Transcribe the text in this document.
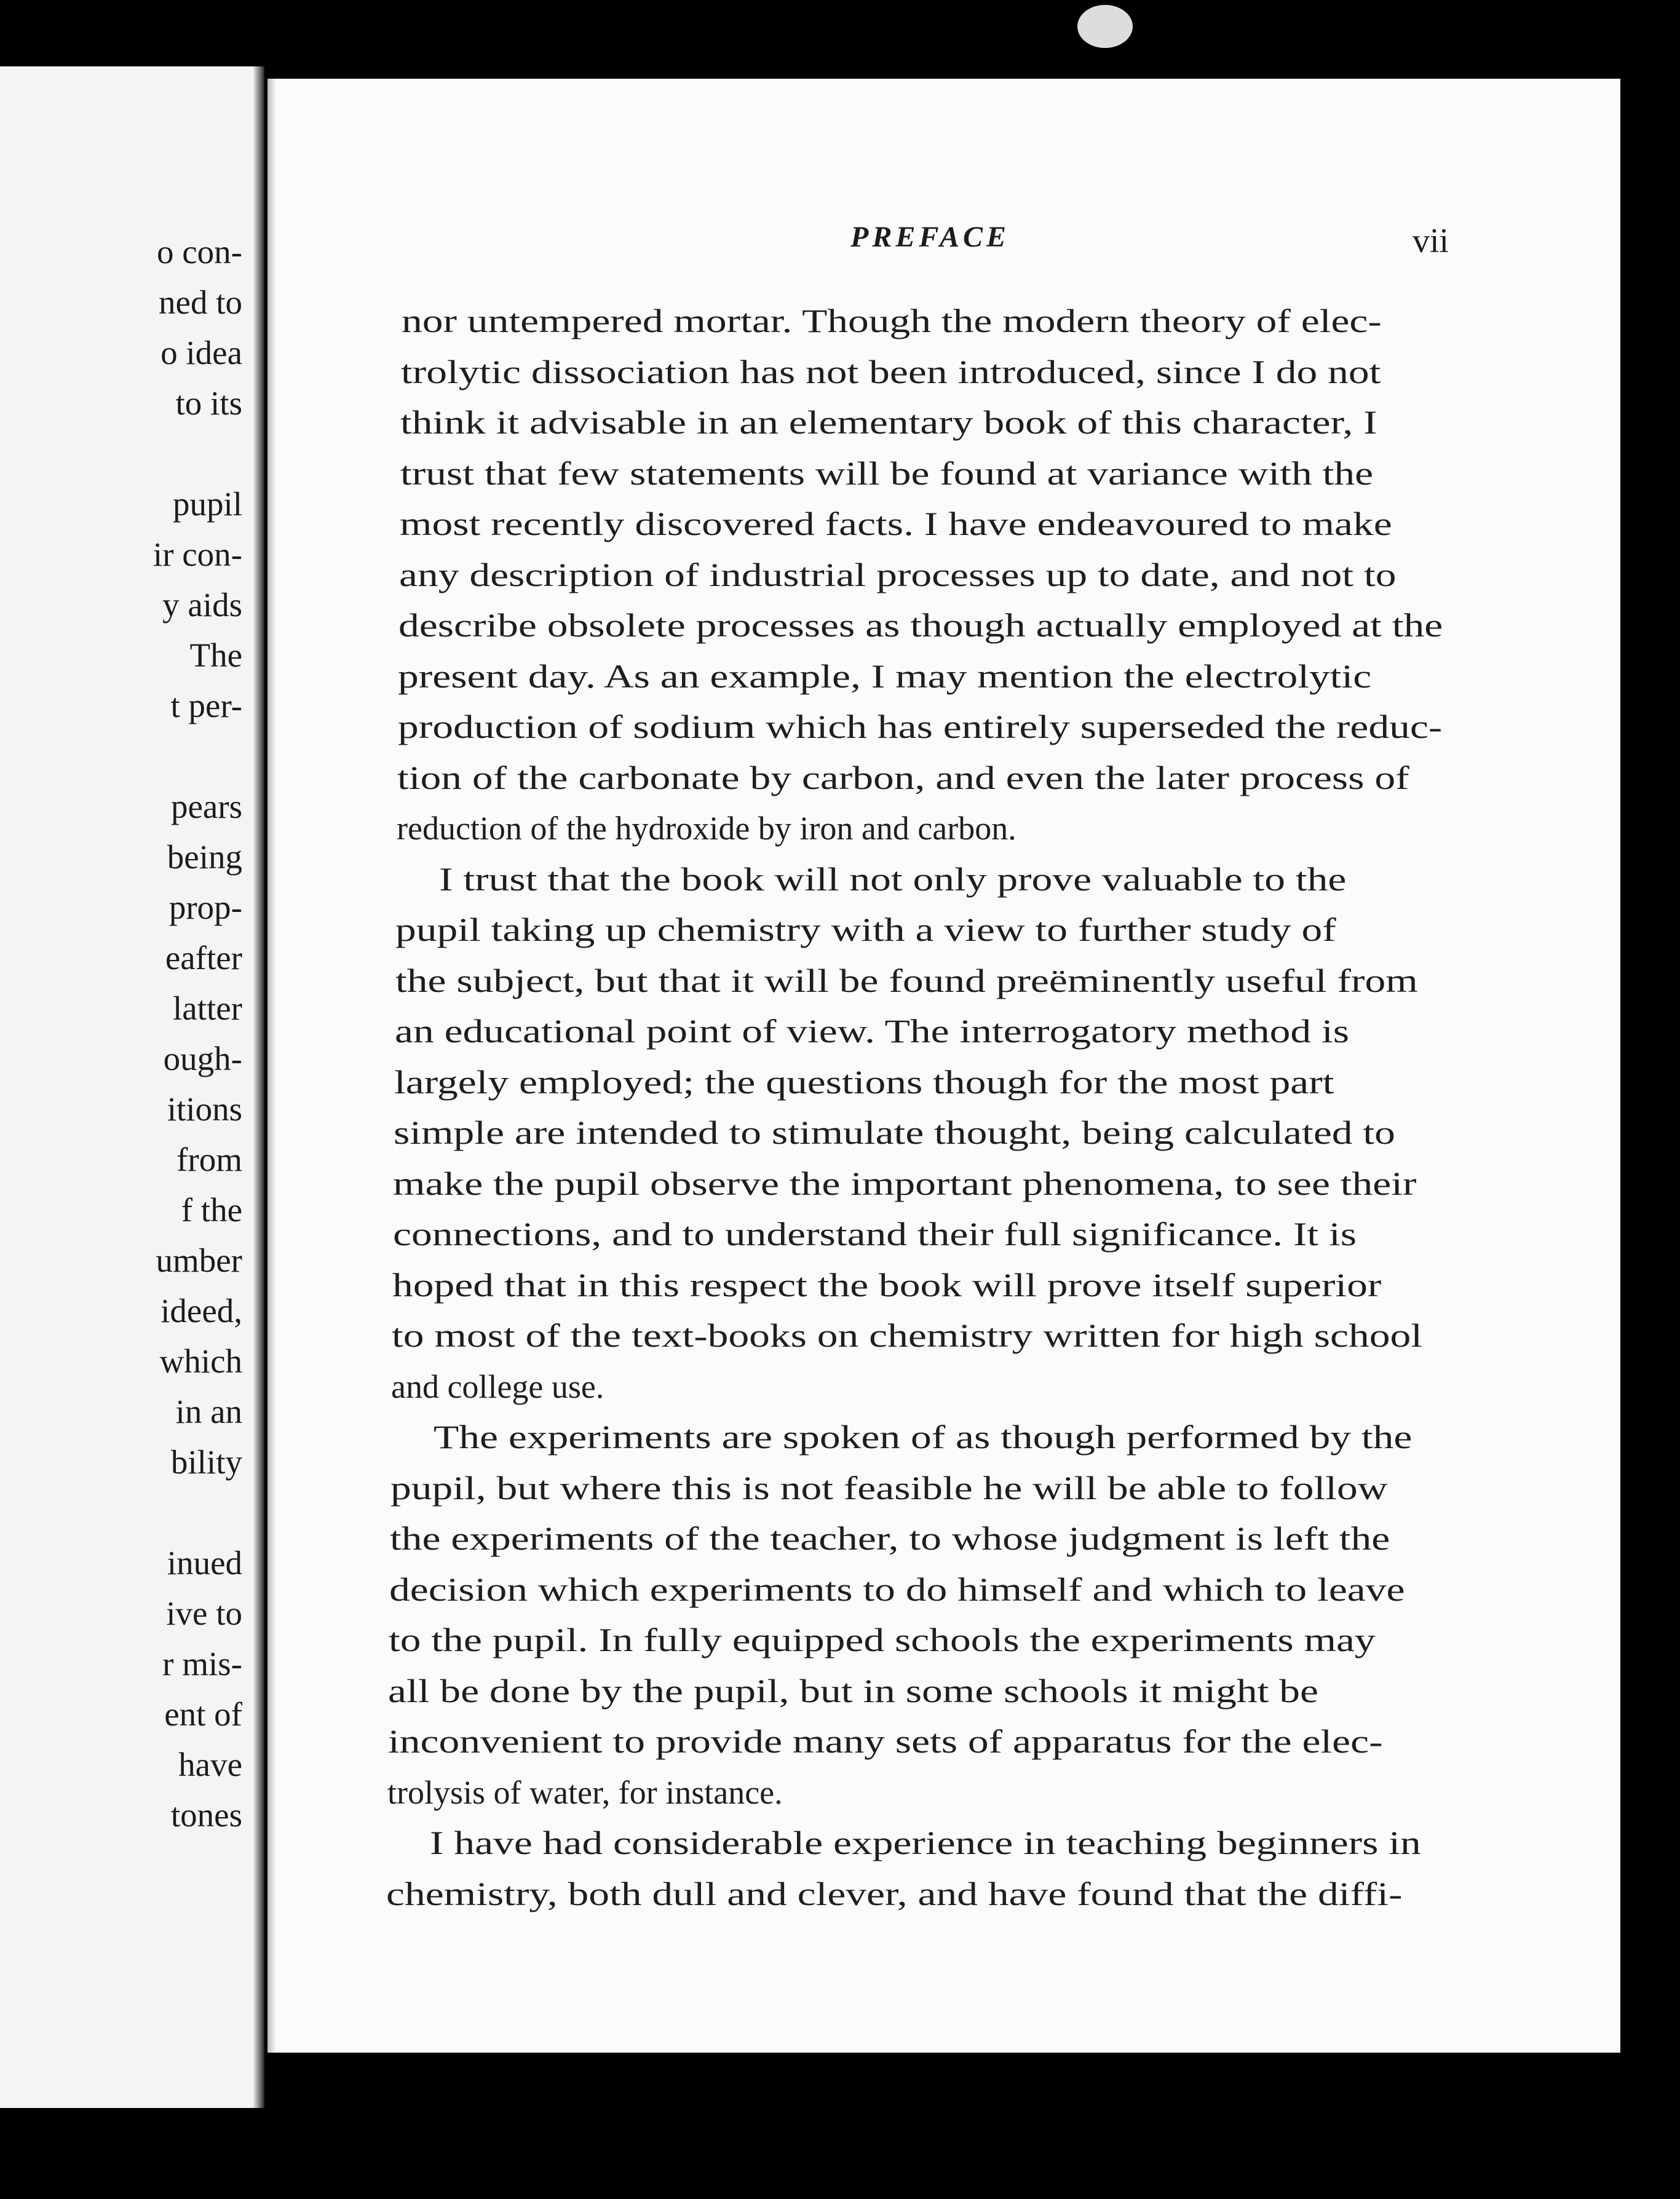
o con-
ned to
o idea
to its
pupil
ir con-
y aids
The
t per-
pears
being
prop-
eafter
latter
ough-
itions
from
f the
umber
ideed,
which
in an
bility
inued
ive to
r mis-
ent of
have
tones
PREFACE	vii
nor untempered mortar. Though the modern theory of elec-
trolytic dissociation has not been introduced, since I do not
think it advisable in an elementary book of this character, I
trust that few statements will be found at variance with the
most recently discovered facts. I have endeavoured to make
any description of industrial processes up to date, and not to
describe obsolete processes as though actually employed at the
present day. As an example, I may mention the electrolytic
production of sodium which has entirely superseded the reduc-
tion of the carbonate by carbon, and even the later process of
reduction of the hydroxide by iron and carbon.
I trust that the book will not only prove valuable to the
pupil taking up chemistry with a view to further study of
the subject, but that it will be found preëminently useful from
an educational point of view. The interrogatory method is
largely employed; the questions though for the most part
simple are intended to stimulate thought, being calculated to
make the pupil observe the important phenomena, to see their
connections, and to understand their full significance. It is
hoped that in this respect the book will prove itself superior
to most of the text-books on chemistry written for high school
and college use.
The experiments are spoken of as though performed by the
pupil, but where this is not feasible he will be able to follow
the experiments of the teacher, to whose judgment is left the
decision which experiments to do himself and which to leave
to the pupil. In fully equipped schools the experiments may
all be done by the pupil, but in some schools it might be
inconvenient to provide many sets of apparatus for the elec-
trolysis of water, for instance.
I have had considerable experience in teaching beginners in
chemistry, both dull and clever, and have found that the diffi-
